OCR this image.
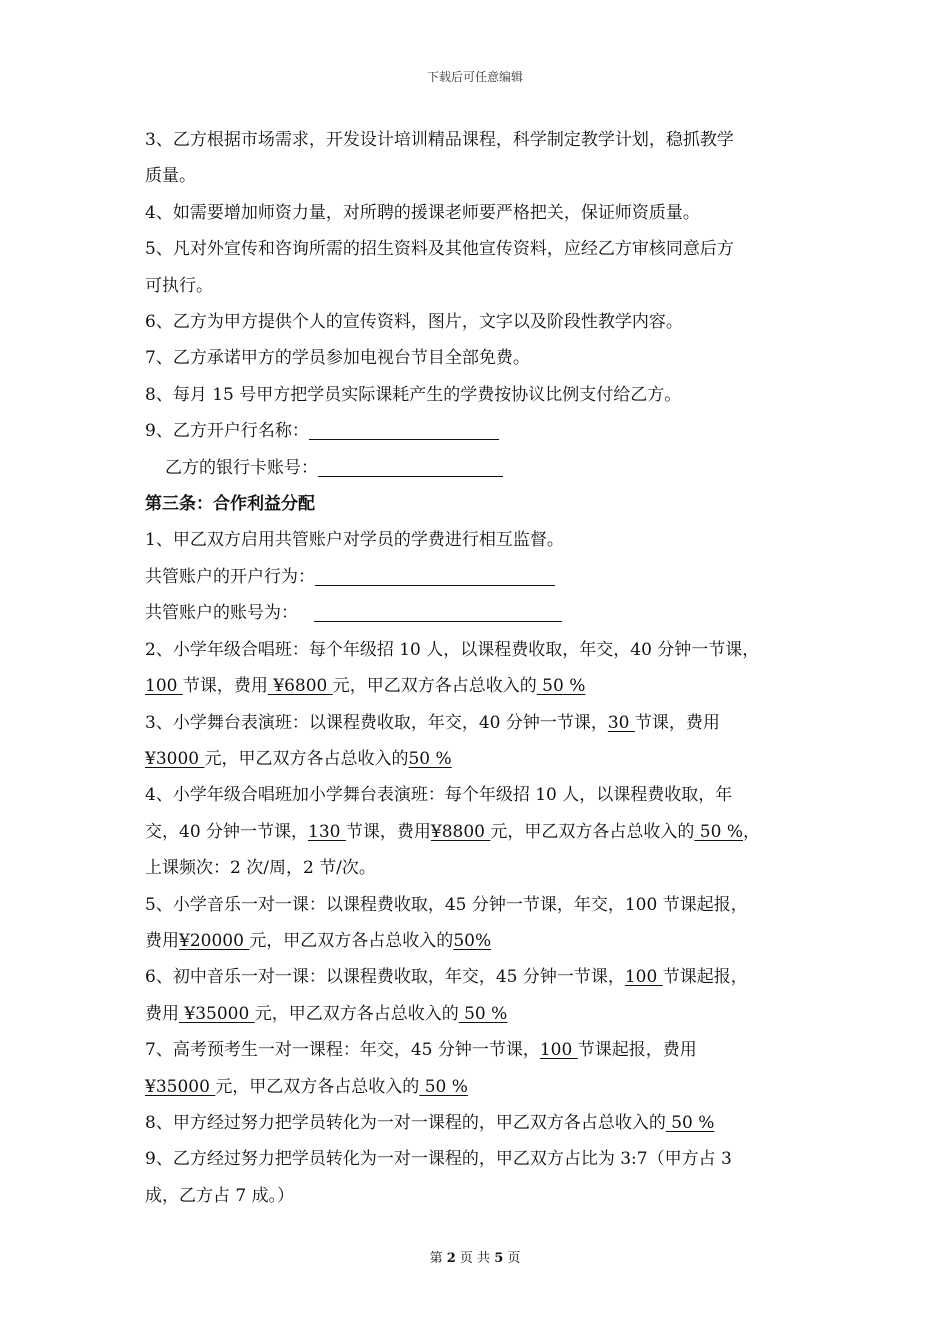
下载后可任意编辑
3、乙方根据市场需求，开发设计培训精品课程，科学制定教学计划，稳抓教学
质量。
4、如需要增加师资力量，对所聘的援课老师要严格把关，保证师资质量。
5、凡对外宣传和咨询所需的招生资料及其他宣传资料，应经乙方审核同意后方
可执行。
6、乙方为甲方提供个人的宣传资料，图片，文字以及阶段性教学内容。
7、乙方承诺甲方的学员参加电视台节目全部免费。
8、每月 15 号甲方把学员实际课耗产生的学费按协议比例支付给乙方。
9、乙方开户行名称：
乙方的银行卡账号：
第三条：合作利益分配
1、甲乙双方启用共管账户对学员的学费进行相互监督。
共管账户的开户行为：
共管账户的账号为：
2、小学年级合唱班：每个年级招 10 人，以课程费收取，年交，40 分钟一节课，
100 节课，费用 ¥6800 元，甲乙双方各占总收入的 50 %
3、小学舞台表演班：以课程费收取，年交，40 分钟一节课，30 节课，费用
¥3000 元，甲乙双方各占总收入的50 %
4、小学年级合唱班加小学舞台表演班：每个年级招 10 人，以课程费收取，年
交，40 分钟一节课，130 节课，费用¥8800 元，甲乙双方各占总收入的 50 %，
上课频次：2 次/周，2 节/次。
5、小学音乐一对一课：以课程费收取，45 分钟一节课，年交，100 节课起报，
费用¥20000 元，甲乙双方各占总收入的50%
6、初中音乐一对一课：以课程费收取，年交，45 分钟一节课，100 节课起报，
费用 ¥35000 元，甲乙双方各占总收入的 50 %
7、高考预考生一对一课程：年交，45 分钟一节课，100 节课起报，费用
¥35000 元，甲乙双方各占总收入的 50 %
8、甲方经过努力把学员转化为一对一课程的，甲乙双方各占总收入的 50 %
9、乙方经过努力把学员转化为一对一课程的，甲乙双方占比为 3:7（甲方占 3
成，乙方占 7 成。）
第 2 页 共 5 页
